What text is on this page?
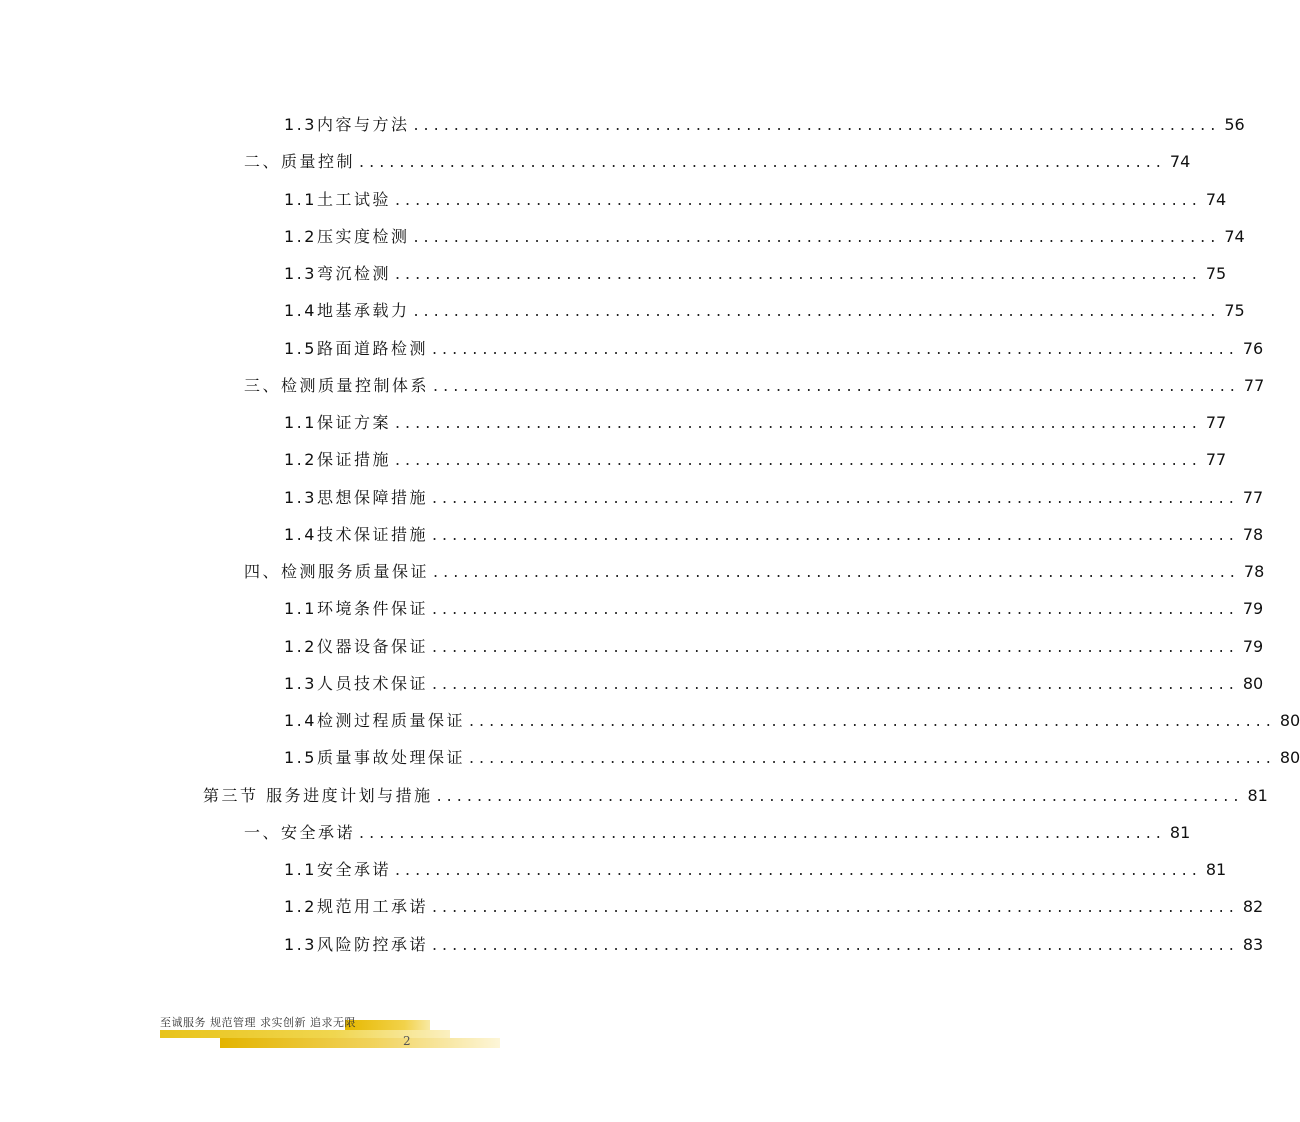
1.3内容与方法 ................................................................................ 56
二、质量控制 ................................................................................ 74
1.1土工试验 ................................................................................ 74
1.2压实度检测 ................................................................................ 74
1.3弯沉检测 ................................................................................ 75
1.4地基承载力 ................................................................................ 75
1.5路面道路检测 ................................................................................ 76
三、检测质量控制体系 ................................................................................ 77
1.1保证方案 ................................................................................ 77
1.2保证措施 ................................................................................ 77
1.3思想保障措施 ................................................................................ 77
1.4技术保证措施 ................................................................................ 78
四、检测服务质量保证 ................................................................................ 78
1.1环境条件保证 ................................................................................ 79
1.2仪器设备保证 ................................................................................ 79
1.3人员技术保证 ................................................................................ 80
1.4检测过程质量保证 ................................................................................ 80
1.5质量事故处理保证 ................................................................................ 80
第三节 服务进度计划与措施 ................................................................................ 81
一、安全承诺 ................................................................................ 81
1.1安全承诺 ................................................................................ 81
1.2规范用工承诺 ................................................................................ 82
1.3风险防控承诺 ................................................................................ 83
至诚服务 规范管理 求实创新 追求无限
2
